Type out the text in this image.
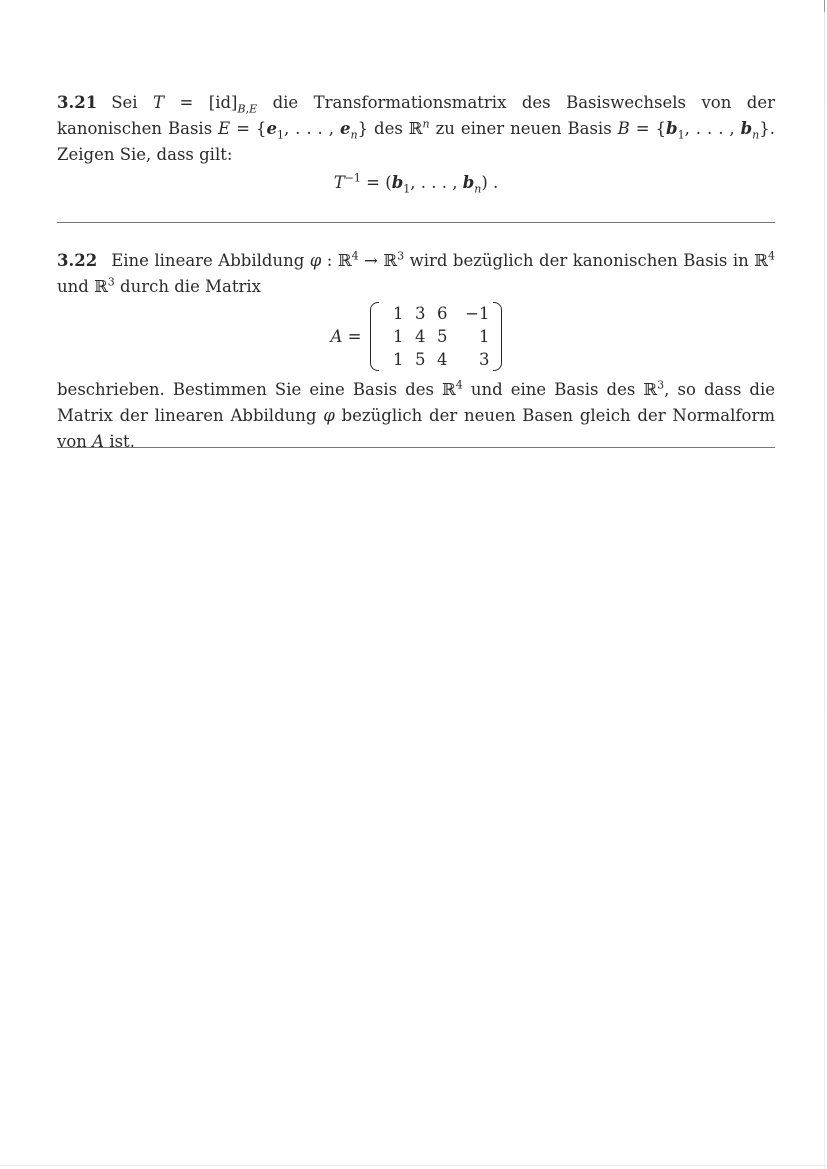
3.21 Sei $T = [id]_{B,E}$ die Transformationsmatrix des Basiswechsels von der kanonischen Basis $E = \{e_1$, . . . , $e_n$} des ℝ$^n$ zu einer neuen Basis $B = \{b_1$, . . . , $b_n$}. Zeigen Sie, dass gilt:

$T^{-1} = (b_1$, . . . , $b_n$) .

3.22 Eine lineare Abbildung φ : ℝ$^4$ → ℝ$^3$ wird bezüglich der kanonischen Basis in ℝ$^4$ und ℝ$^3$ durch die Matrix

A =
1 3 6	−1
1 4 5	1
1 5 4	3

beschrieben. Bestimmen Sie eine Basis des ℝ$^4$ und eine Basis des ℝ$^3$, so dass die Matrix der linearen Abbildung φ bezüglich der neuen Basen gleich der Normalform von A ist.
